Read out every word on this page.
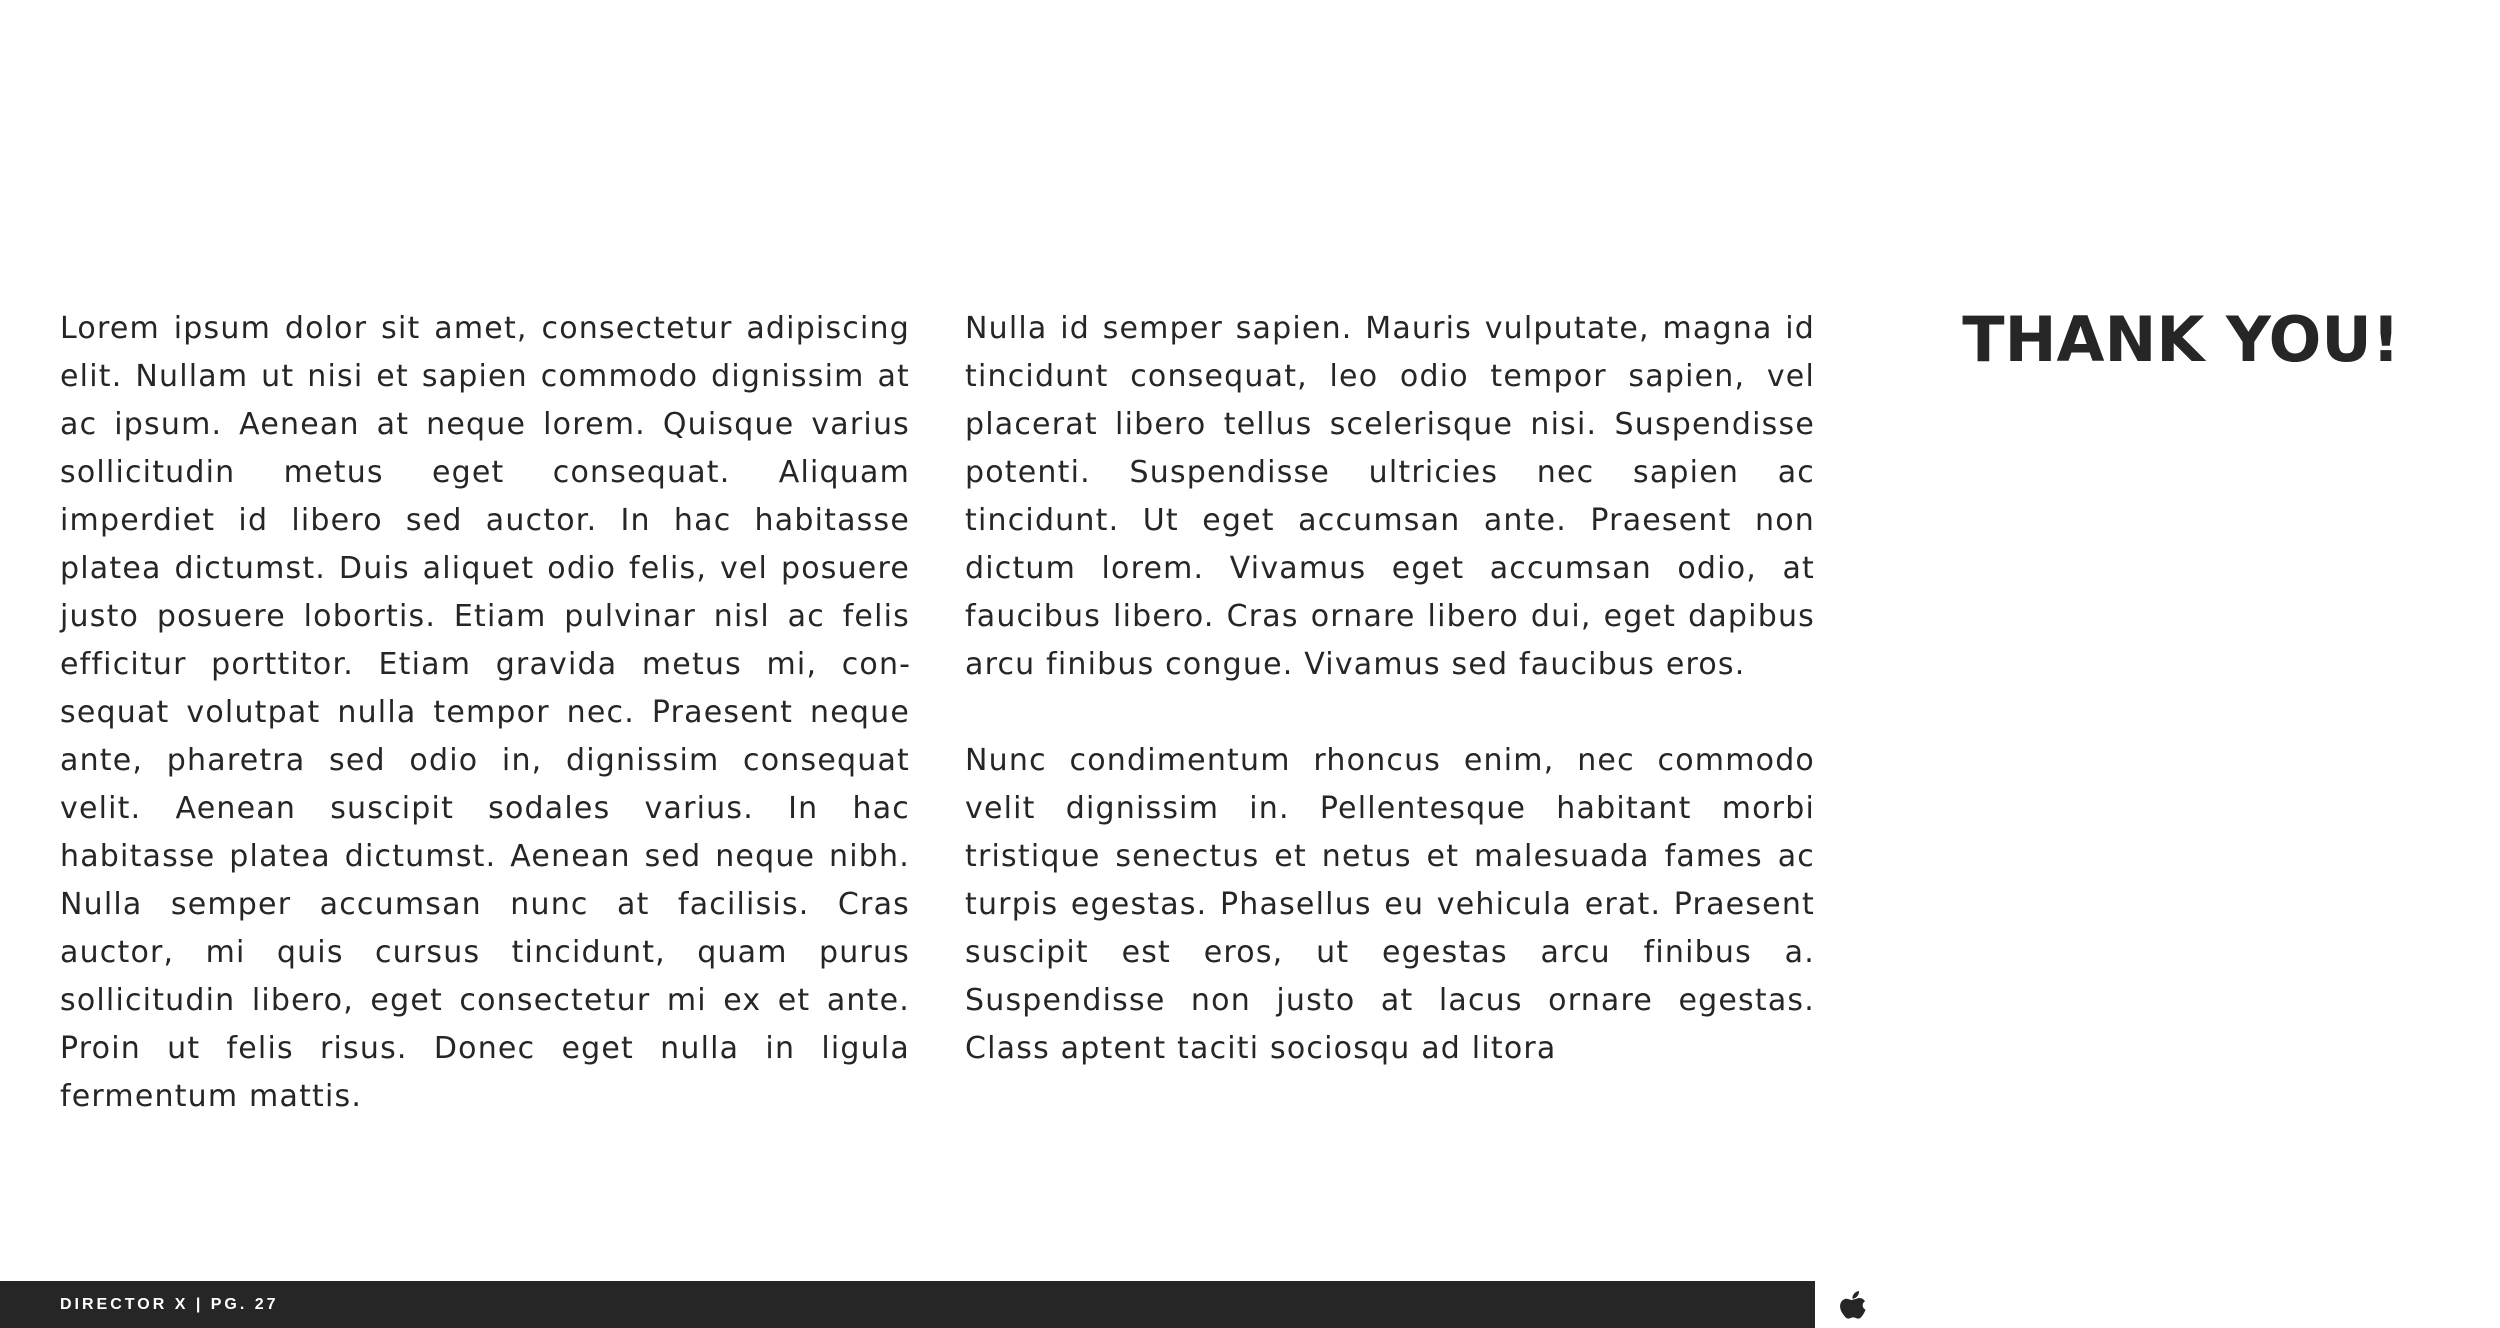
Lorem ipsum dolor sit amet, consectetur adipiscing elit. Nullam ut nisi et sapien commodo dignissim at ac ipsum. Aenean at neque lorem. Quisque varius sollicitudin metus eget consequat. Aliquam imperdiet id libero sed auctor. In hac habitasse platea dictumst. Duis aliquet odio felis, vel posuere justo posuere lobortis. Etiam pulvinar nisl ac felis efficitur porttitor. Etiam gravida metus mi, consequat volutpat nulla tempor nec. Praesent neque ante, pharetra sed odio in, dignissim consequat velit. Aenean suscipit sodales varius. In hac habitasse platea dictumst. Aenean sed neque nibh. Nulla semper accumsan nunc at facilisis. Cras auctor, mi quis cursus tincidunt, quam purus sollicitudin libero, eget consectetur mi ex et ante. Proin ut felis risus. Donec eget nulla in ligula fermentum mattis.

Nulla id semper sapien. Mauris vulputate, magna id tincidunt consequat, leo odio tempor sapien, vel placerat libero tellus scelerisque nisi. Suspendisse potenti. Suspendisse ultricies nec sapien ac tincidunt. Ut eget accumsan ante. Praesent non dictum lorem. Vivamus eget accumsan odio, at faucibus libero. Cras ornare libero dui, eget dapibus arcu finibus congue. Vivamus sed faucibus eros.

Nunc condimentum rhoncus enim, nec commodo velit dignissim in. Pellentesque habitant morbi tristique senectus et netus et malesuada fames ac turpis egestas. Phasellus eu vehicula erat. Praesent suscipit est eros, ut egestas arcu finibus a. Suspendisse non justo at lacus ornare egestas. Class aptent taciti sociosqu ad litora

THANK YOU!
DIRECTOR X | PG. 27
